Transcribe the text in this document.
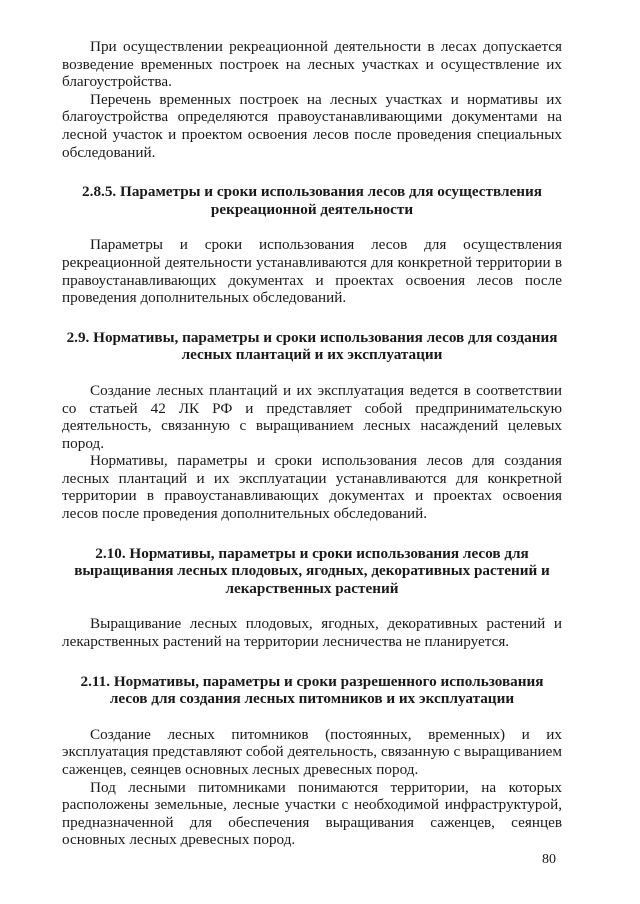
При осуществлении рекреационной деятельности в лесах допускается возведение временных построек на лесных участках и осуществление их благоустройства.

Перечень временных построек на лесных участках и нормативы их благоустройства определяются правоустанавливающими документами на лесной участок и проектом освоения лесов после проведения специальных обследований.

2.8.5. Параметры и сроки использования лесов для осуществления рекреационной деятельности

Параметры и сроки использования лесов для осуществления рекреационной деятельности устанавливаются для конкретной территории в правоустанавливающих документах и проектах освоения лесов после проведения дополнительных обследований.

2.9. Нормативы, параметры и сроки использования лесов для создания лесных плантаций и их эксплуатации

Создание лесных плантаций и их эксплуатация ведется в соответствии со статьей 42 ЛК РФ и представляет собой предпринимательскую деятельность, связанную с выращиванием лесных насаждений целевых пород.

Нормативы, параметры и сроки использования лесов для создания лесных плантаций и их эксплуатации устанавливаются для конкретной территории в правоустанавливающих документах и проектах освоения лесов после проведения дополнительных обследований.

2.10. Нормативы, параметры и сроки использования лесов для выращивания лесных плодовых, ягодных, декоративных растений и лекарственных растений

Выращивание лесных плодовых, ягодных, декоративных растений и лекарственных растений на территории лесничества не планируется.

2.11. Нормативы, параметры и сроки разрешенного использования лесов для создания лесных питомников и их эксплуатации

Создание лесных питомников (постоянных, временных) и их эксплуатация представляют собой деятельность, связанную с выращиванием саженцев, сеянцев основных лесных древесных пород.

Под лесными питомниками понимаются территории, на которых расположены земельные, лесные участки с необходимой инфраструктурой, предназначенной для обеспечения выращивания саженцев, сеянцев основных лесных древесных пород.

80
